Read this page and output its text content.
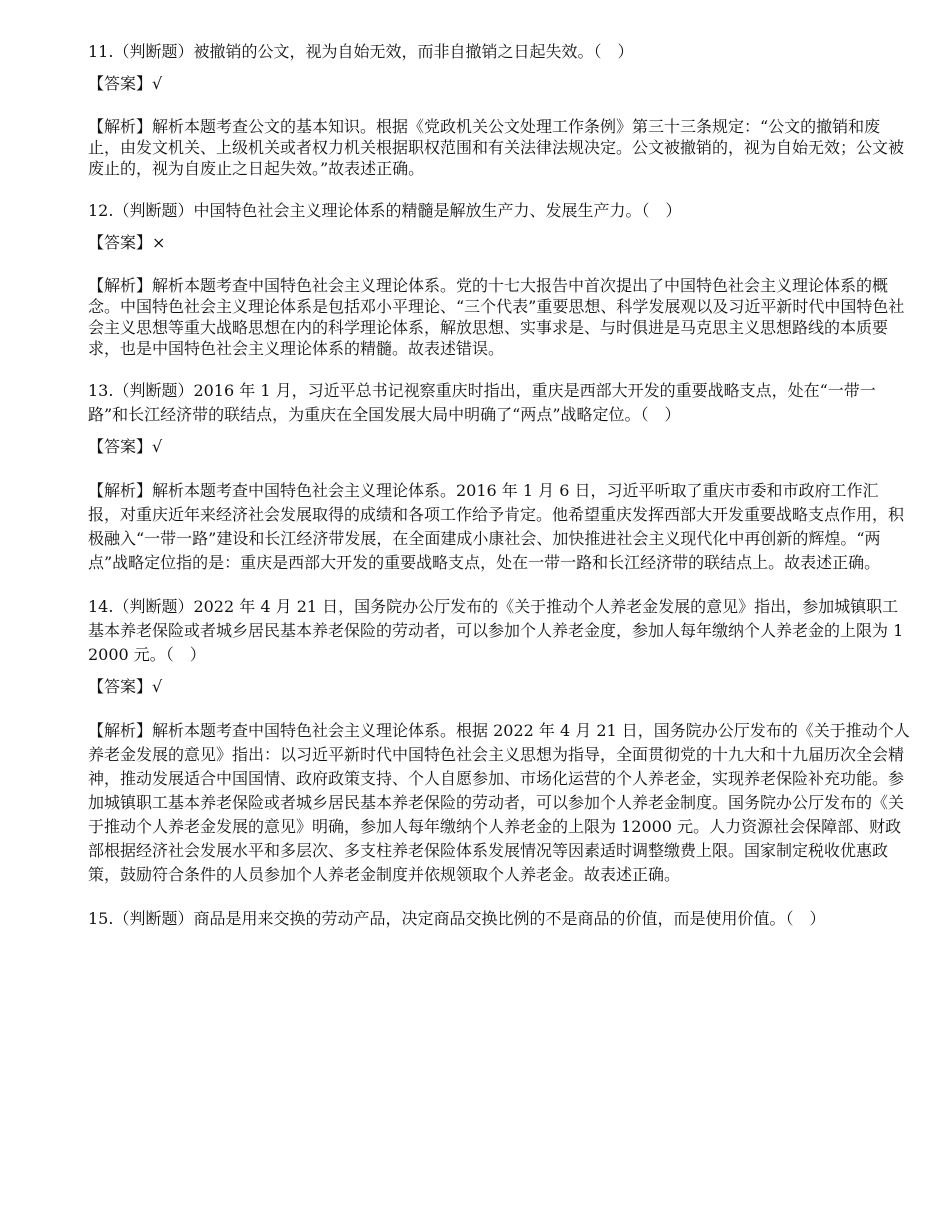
11.（判断题）被撤销的公文，视为自始无效，而非自撤销之日起失效。（　）

【答案】√

【解析】解析本题考查公文的基本知识。根据《党政机关公文处理工作条例》第三十三条规定：“公文的撤销和废止，由发文机关、上级机关或者权力机关根据职权范围和有关法律法规决定。公文被撤销的，视为自始无效；公文被废止的，视为自废止之日起失效。”故表述正确。

12.（判断题）中国特色社会主义理论体系的精髓是解放生产力、发展生产力。（　）

【答案】×

【解析】解析本题考查中国特色社会主义理论体系。党的十七大报告中首次提出了中国特色社会主义理论体系的概念。中国特色社会主义理论体系是包括邓小平理论、“三个代表”重要思想、科学发展观以及习近平新时代中国特色社会主义思想等重大战略思想在内的科学理论体系，解放思想、实事求是、与时俱进是马克思主义思想路线的本质要求，也是中国特色社会主义理论体系的精髓。故表述错误。

13.（判断题）2016 年 1 月，习近平总书记视察重庆时指出，重庆是西部大开发的重要战略支点，处在“一带一路”和长江经济带的联结点，为重庆在全国发展大局中明确了“两点”战略定位。（　）

【答案】√

【解析】解析本题考查中国特色社会主义理论体系。2016 年 1 月 6 日，习近平听取了重庆市委和市政府工作汇报，对重庆近年来经济社会发展取得的成绩和各项工作给予肯定。他希望重庆发挥西部大开发重要战略支点作用，积极融入“一带一路”建设和长江经济带发展，在全面建成小康社会、加快推进社会主义现代化中再创新的辉煌。“两点”战略定位指的是：重庆是西部大开发的重要战略支点，处在一带一路和长江经济带的联结点上。故表述正确。

14.（判断题）2022 年 4 月 21 日，国务院办公厅发布的《关于推动个人养老金发展的意见》指出，参加城镇职工基本养老保险或者城乡居民基本养老保险的劳动者，可以参加个人养老金度，参加人每年缴纳个人养老金的上限为 12000 元。（　）

【答案】√

【解析】解析本题考查中国特色社会主义理论体系。根据 2022 年 4 月 21 日，国务院办公厅发布的《关于推动个人养老金发展的意见》指出：以习近平新时代中国特色社会主义思想为指导，全面贯彻党的十九大和十九届历次全会精神，推动发展适合中国国情、政府政策支持、个人自愿参加、市场化运营的个人养老金，实现养老保险补充功能。参加城镇职工基本养老保险或者城乡居民基本养老保险的劳动者，可以参加个人养老金制度。国务院办公厅发布的《关于推动个人养老金发展的意见》明确，参加人每年缴纳个人养老金的上限为 12000 元。人力资源社会保障部、财政部根据经济社会发展水平和多层次、多支柱养老保险体系发展情况等因素适时调整缴费上限。国家制定税收优惠政策，鼓励符合条件的人员参加个人养老金制度并依规领取个人养老金。故表述正确。

15.（判断题）商品是用来交换的劳动产品，决定商品交换比例的不是商品的价值，而是使用价值。（　）
